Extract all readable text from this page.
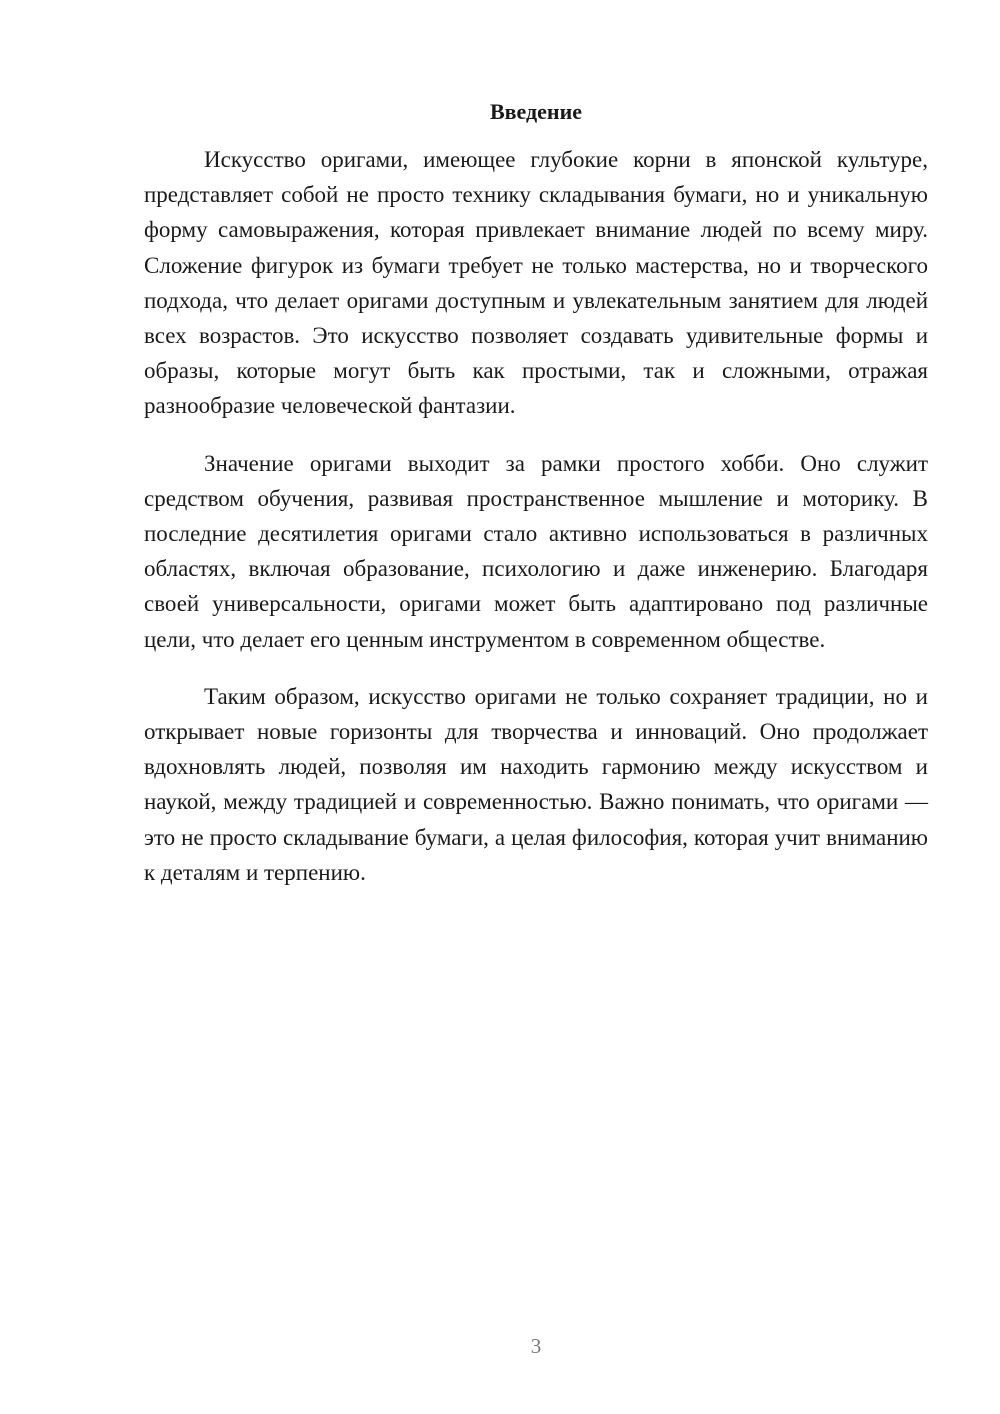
Введение

Искусство оригами, имеющее глубокие корни в японской культуре, представляет собой не просто технику складывания бумаги, но и уникальную форму самовыражения, которая привлекает внимание людей по всему миру. Сложение фигурок из бумаги требует не только мастерства, но и творческого подхода, что делает оригами доступным и увлекательным занятием для людей всех возрастов. Это искусство позволяет создавать удивительные формы и образы, которые могут быть как простыми, так и сложными, отражая разнообразие человеческой фантазии.

Значение оригами выходит за рамки простого хобби. Оно служит средством обучения, развивая пространственное мышление и моторику. В последние десятилетия оригами стало активно использоваться в различных областях, включая образование, психологию и даже инженерию. Благодаря своей универсальности, оригами может быть адаптировано под различные цели, что делает его ценным инструментом в современном обществе.

Таким образом, искусство оригами не только сохраняет традиции, но и открывает новые горизонты для творчества и инноваций. Оно продолжает вдохновлять людей, позволяя им находить гармонию между искусством и наукой, между традицией и современностью. Важно понимать, что оригами — это не просто складывание бумаги, а целая философия, которая учит вниманию к деталям и терпению.

3
